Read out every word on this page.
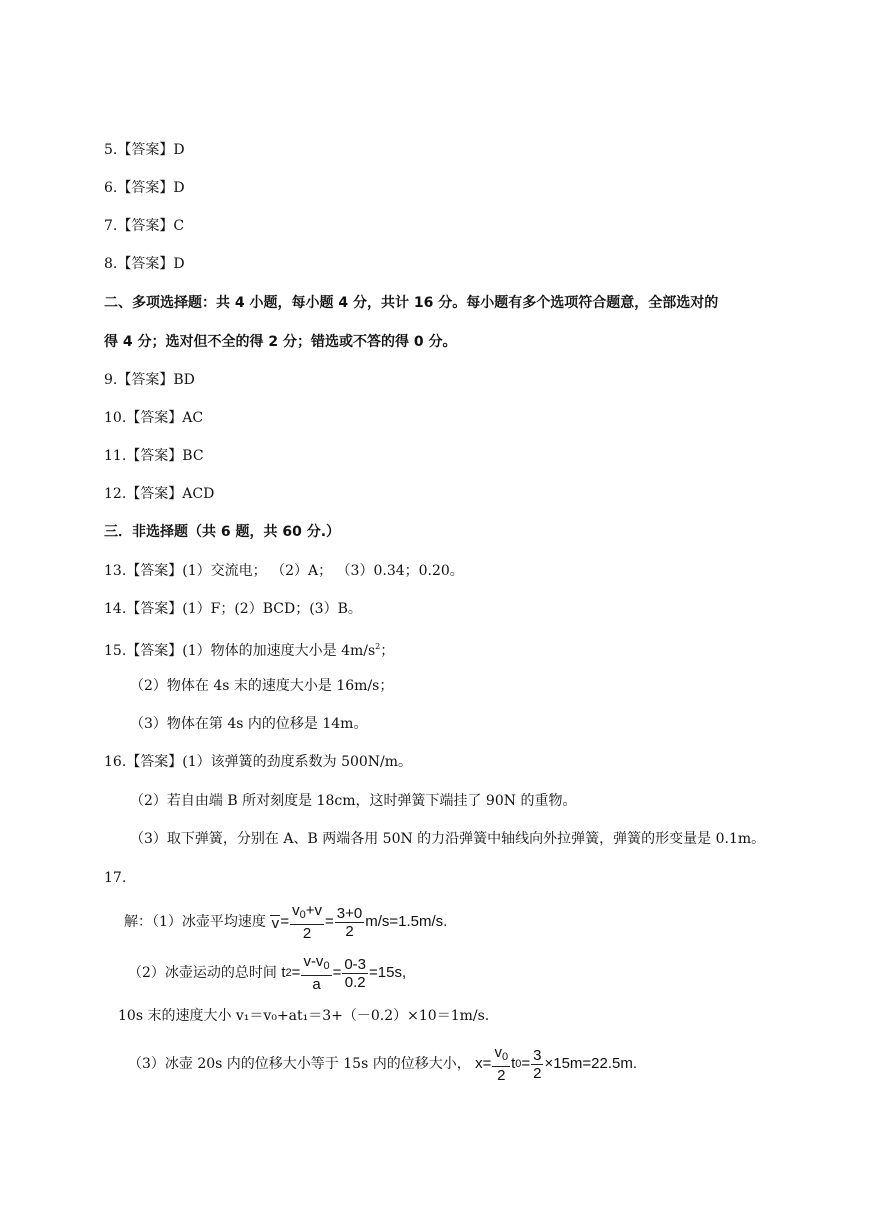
5.【答案】D
6.【答案】D
7.【答案】C
8.【答案】D
二、多项选择题：共 4 小题，每小题 4 分，共计 16 分。每小题有多个选项符合题意，全部选对的
得 4 分；选对但不全的得 2 分；错选或不答的得 0 分。
9.【答案】BD
10.【答案】AC
11.【答案】BC
12.【答案】ACD
三．非选择题（共 6 题，共 60 分.）
13.【答案】(1）交流电； （2）A； （3）0.34；0.20。
14.【答案】(1）F；(2）BCD；(3）B。
15.【答案】(1）物体的加速度大小是 $4m/s^2$；
（2）物体在 4s 末的速度大小是 16m/s；
（3）物体在第 4s 内的位移是 14m。
16.【答案】(1）该弹簧的劲度系数为 500N/m。
（2）若自由端 B 所对刻度是 18cm，这时弹簧下端挂了 90N 的重物。
（3）取下弹簧，分别在 A、B 两端各用 50N 的力沿弹簧中轴线向外拉弹簧，弹簧的形变量是 0.1m。
17.
解：（1）冰壶平均速度 $v = \frac{v_0+v}{2} = \frac{3+0}{2} m/s=1.5m/s$.
（2）冰壶运动的总时间 t $2 = \frac{v-v_0}{a} = \frac{0-3}{0.2} =15s$,
10s 末的速度大小 v₁＝v₀+at₁＝3+（－0.2）×10＝1m/s.
（3）冰壶 20s 内的位移大小等于 15s 内的位移大小， $x= \frac{v_0}{2}$ t $0 = \frac{3}{2} \times 15m=22.5m$.
